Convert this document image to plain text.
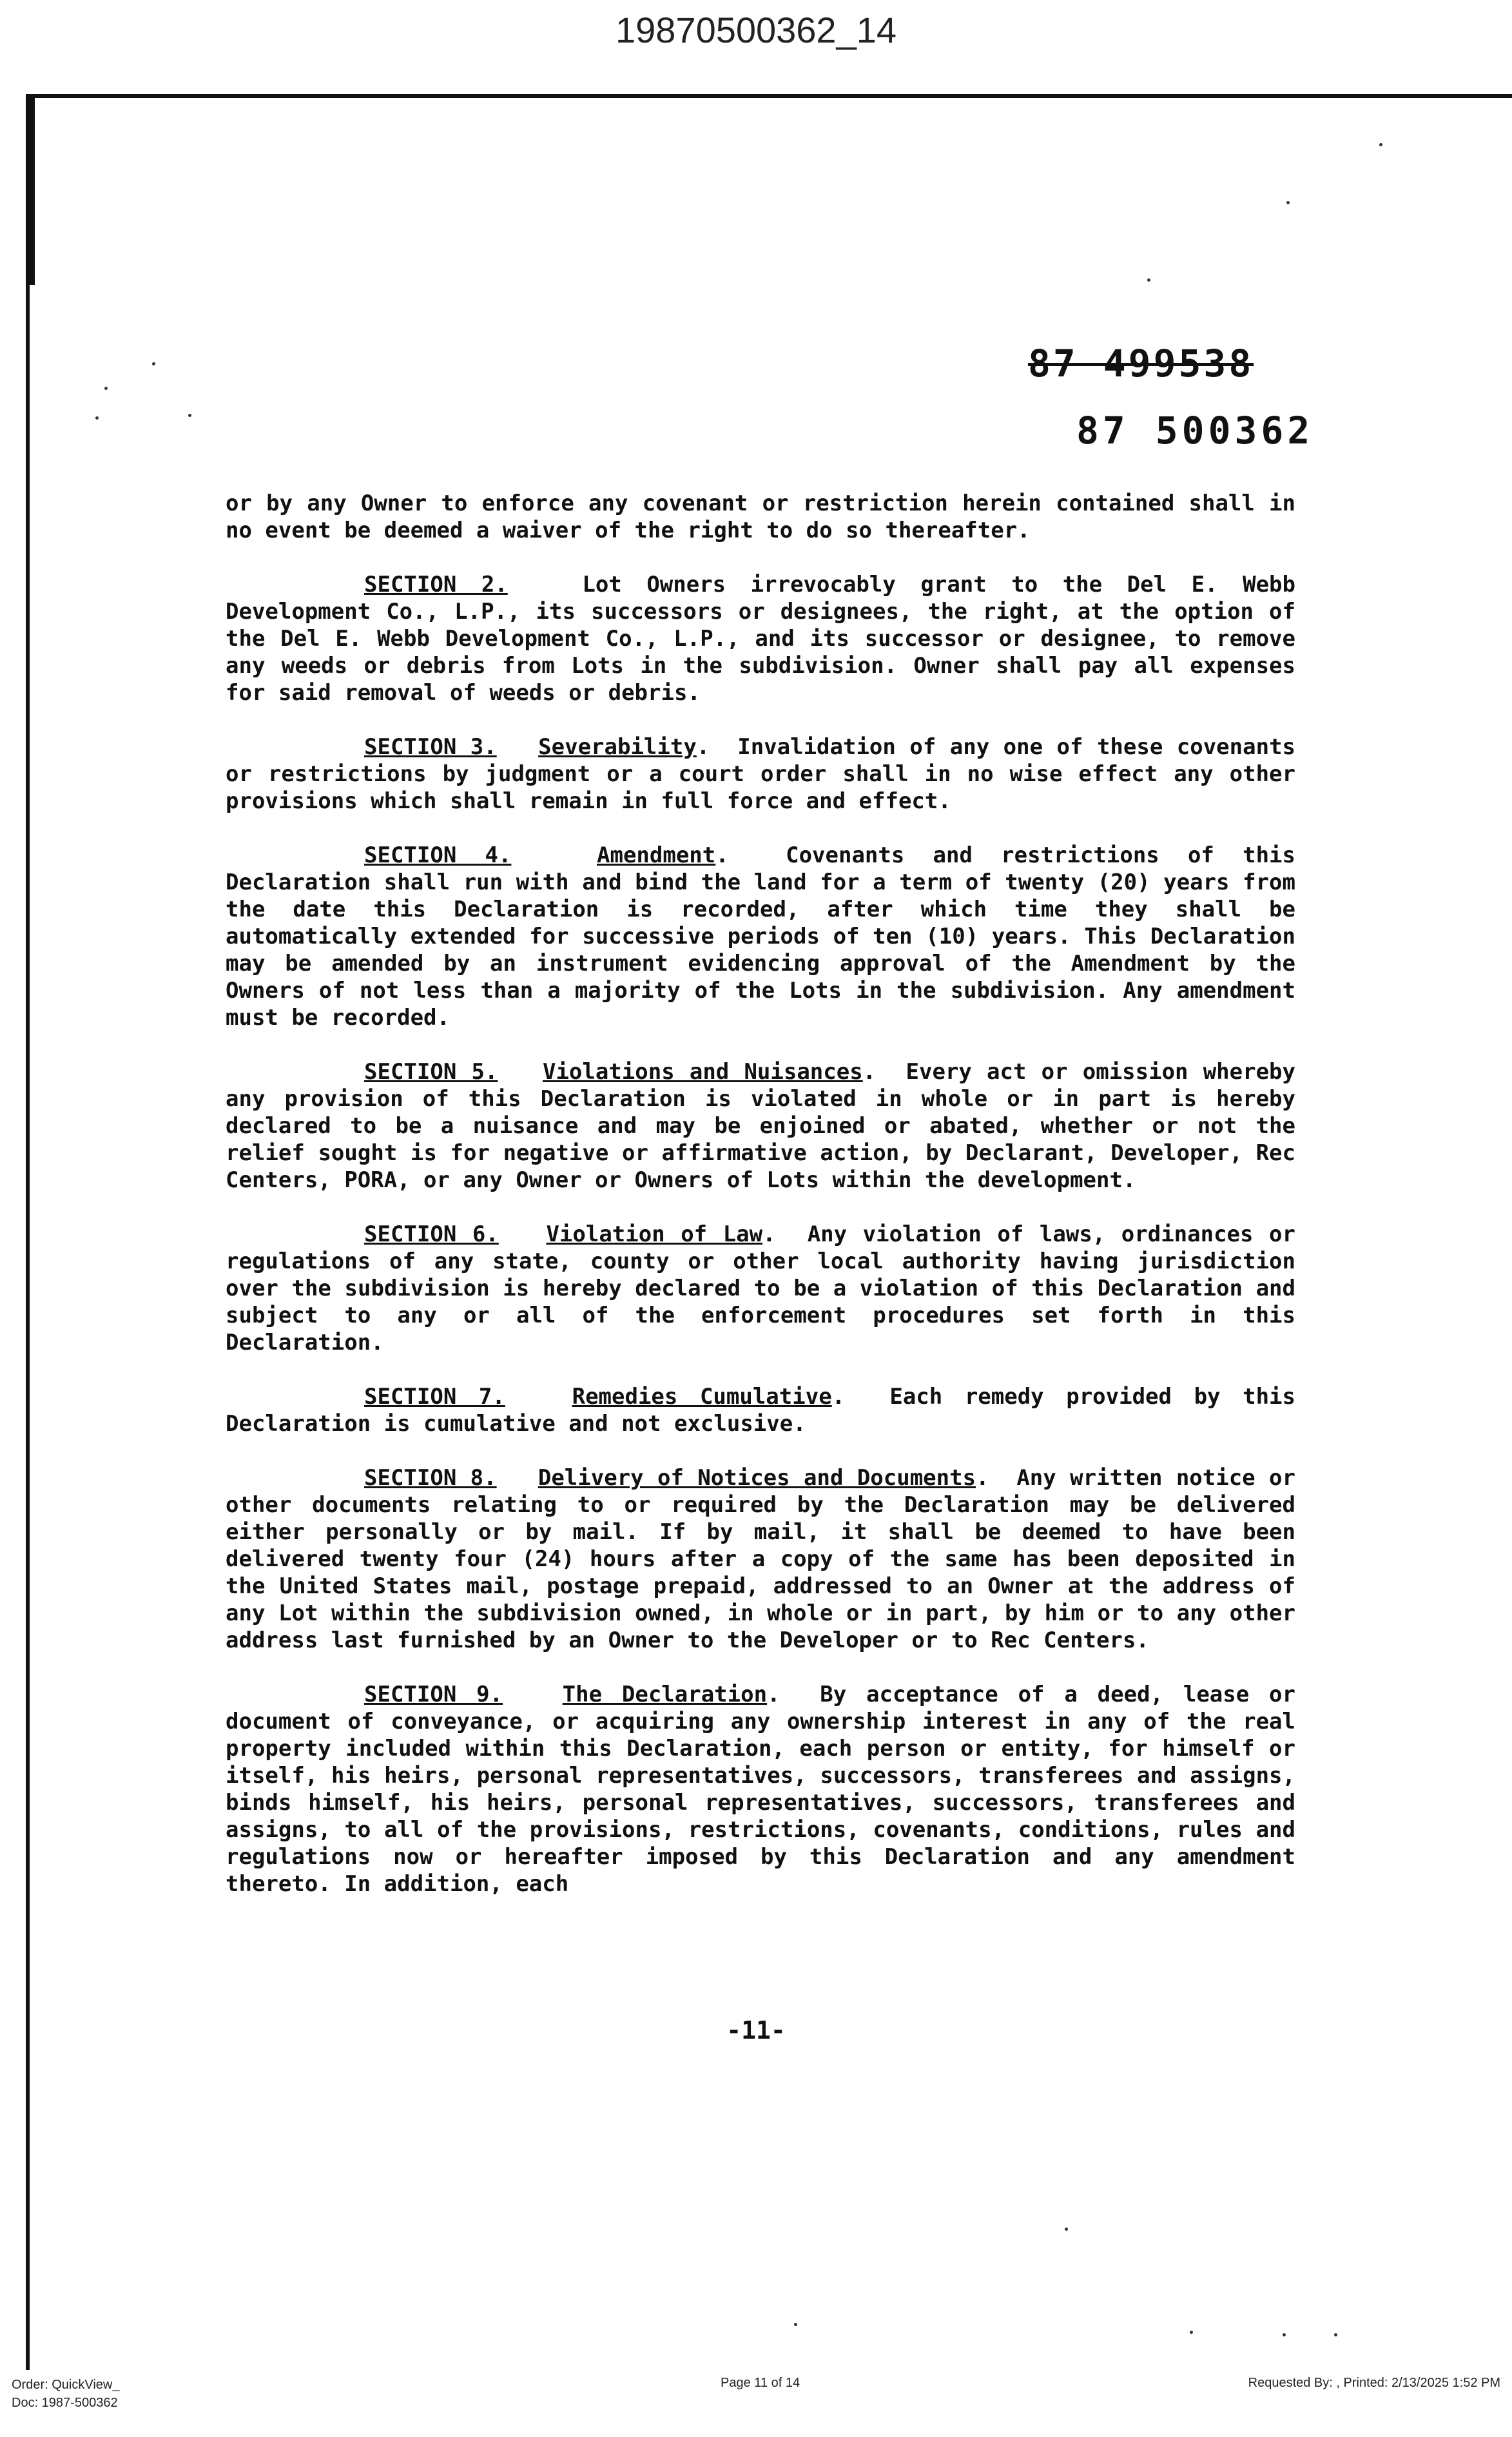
19870500362_14
87 499538
87 500362

or by any Owner to enforce any covenant or restriction herein contained shall in no event be deemed a waiver of the right to do so thereafter.

SECTION 2.	Lot Owners irrevocably grant to the Del E. Webb Development Co., L.P., its successors or designees, the right, at the option of the Del E. Webb Development Co., L.P., and its successor or designee, to remove any weeds or debris from Lots in the subdivision. Owner shall pay all expenses for said removal of weeds or debris.

SECTION 3. Severability.  Invalidation of any one of these covenants or restrictions by judgment or a court order shall in no wise effect any other provisions which shall remain in full force and effect.

SECTION 4.	Amendment.  Covenants and restrictions of this Declaration shall run with and bind the land for a term of twenty (20) years from the date this Declaration is recorded, after which time they shall be automatically extended for successive periods of ten (10) years. This Declaration may be amended by an instrument evidencing approval of the Amendment by the Owners of not less than a majority of the Lots in the subdivision. Any amendment must be recorded.

SECTION 5. Violations and Nuisances.  Every act or omission whereby any provision of this Declaration is violated in whole or in part is hereby declared to be a nuisance and may be enjoined or abated, whether or not the relief sought is for negative or affirmative action, by Declarant, Developer, Rec Centers, PORA, or any Owner or Owners of Lots within the development.

SECTION 6. Violation of Law.  Any violation of laws, ordinances or regulations of any state, county or other local authority having jurisdiction over the subdivision is hereby declared to be a violation of this Declaration and subject to any or all of the enforcement procedures set forth in this Declaration.

SECTION 7.	Remedies Cumulative.  Each remedy provided by this Declaration is cumulative and not exclusive.

SECTION 8. Delivery of Notices and Documents.  Any written notice or other documents relating to or required by the Declaration may be delivered either personally or by mail. If by mail, it shall be deemed to have been delivered twenty four (24) hours after a copy of the same has been deposited in the United States mail, postage prepaid, addressed to an Owner at the address of any Lot within the subdivision owned, in whole or in part, by him or to any other address last furnished by an Owner to the Developer or to Rec Centers.

SECTION 9.	The Declaration.  By acceptance of a deed, lease or document of conveyance, or acquiring any ownership interest in any of the real property included within this Declaration, each person or entity, for himself or itself, his heirs, personal representatives, successors, transferees and assigns, binds himself, his heirs, personal representatives, successors, transferees and assigns, to all of the provisions, restrictions, covenants, conditions, rules and regulations now or hereafter imposed by this Declaration and any amendment thereto. In addition, each

-11-
Order: QuickView_
Doc: 1987-500362
Page 11 of 14	Requested By: , Printed: 2/13/2025 1:52 PM
